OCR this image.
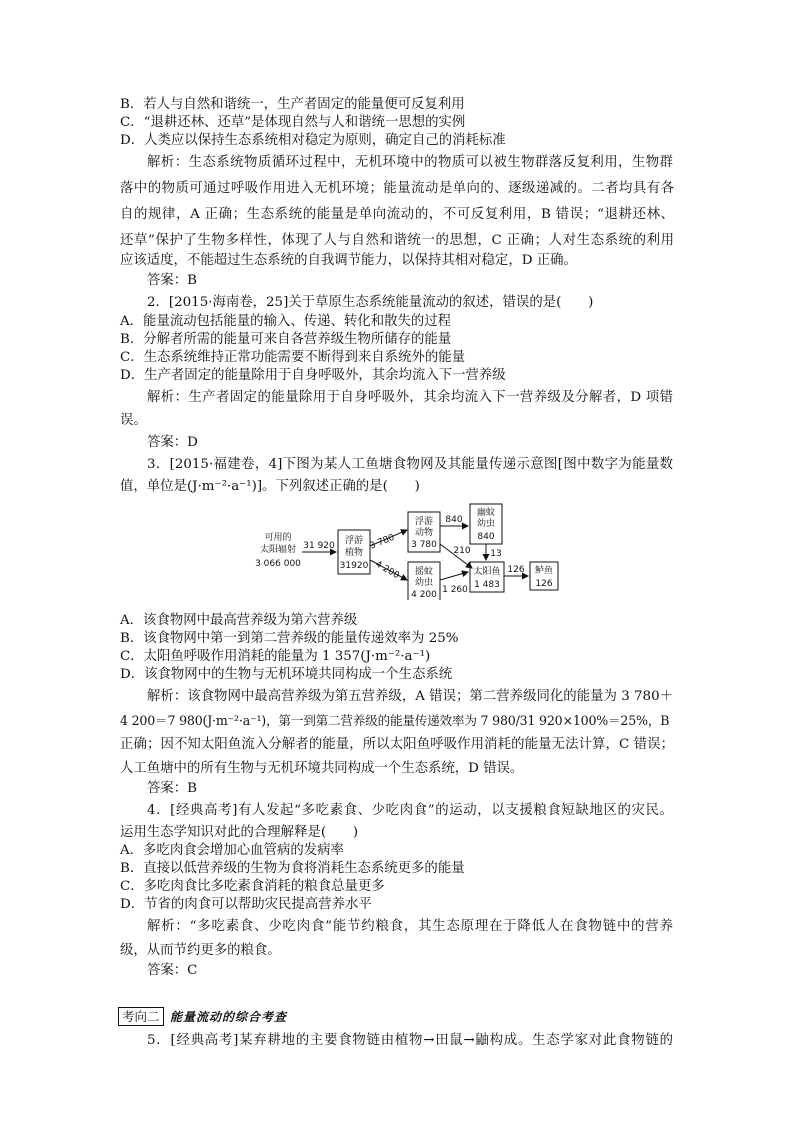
B．若人与自然和谐统一，生产者固定的能量便可反复利用
C．“退耕还林、还草”是体现自然与人和谐统一思想的实例
D．人类应以保持生态系统相对稳定为原则，确定自己的消耗标准
解析：生态系统物质循环过程中，无机环境中的物质可以被生物群落反复利用，生物群
落中的物质可通过呼吸作用进入无机环境；能量流动是单向的、逐级递减的。二者均具有各
自的规律，A 正确；生态系统的能量是单向流动的，不可反复利用，B 错误；“退耕还林、
还草”保护了生物多样性，体现了人与自然和谐统一的思想，C 正确；人对生态系统的利用
应该适度，不能超过生态系统的自我调节能力，以保持其相对稳定，D 正确。
答案：B
2．[2015·海南卷，25]关于草原生态系统能量流动的叙述，错误的是(　　)
A．能量流动包括能量的输入、传递、转化和散失的过程
B．分解者所需的能量可来自各营养级生物所储存的能量
C．生态系统维持正常功能需要不断得到来自系统外的能量
D．生产者固定的能量除用于自身呼吸外，其余均流入下一营养级
解析：生产者固定的能量除用于自身呼吸外，其余均流入下一营养级及分解者，D 项错
误。
答案：D
3．[2015·福建卷，4]下图为某人工鱼塘食物网及其能量传递示意图[图中数字为能量数
值，单位是(J·m⁻²·a⁻¹)]。下列叙述正确的是(　　)
可用的
太阳辐射
3 066 000
31 920 浮游
植物
31920
3 780
4 200
浮游
动物
3 780
840
幽蚊
幼虫
840
210 13
摇蚊
幼虫
4 200 1 260
太阳鱼
1 483
126 鲈鱼
126
A．该食物网中最高营养级为第六营养级
B．该食物网中第一到第二营养级的能量传递效率为 25%
C．太阳鱼呼吸作用消耗的能量为 1 357(J·m⁻²·a⁻¹)
D．该食物网中的生物与无机环境共同构成一个生态系统
解析：该食物网中最高营养级为第五营养级，A 错误；第二营养级同化的能量为 3 780＋
4 200＝7 980(J·m⁻²·a⁻¹)，第一到第二营养级的能量传递效率为 7 980/31 920×100%＝25%，B
正确；因不知太阳鱼流入分解者的能量，所以太阳鱼呼吸作用消耗的能量无法计算，C 错误；
人工鱼塘中的所有生物与无机环境共同构成一个生态系统，D 错误。
答案：B
4．[经典高考]有人发起“多吃素食、少吃肉食”的运动，以支援粮食短缺地区的灾民。
运用生态学知识对此的合理解释是(　　)
A．多吃肉食会增加心血管病的发病率
B．直接以低营养级的生物为食将消耗生态系统更多的能量
C．多吃肉食比多吃素食消耗的粮食总量更多
D．节省的肉食可以帮助灾民提高营养水平
解析：“多吃素食、少吃肉食”能节约粮食，其生态原理在于降低人在食物链中的营养
级，从而节约更多的粮食。
答案：C
考向二 能量流动的综合考查
5．[经典高考]某弃耕地的主要食物链由植物→田鼠→鼬构成。生态学家对此食物链的
